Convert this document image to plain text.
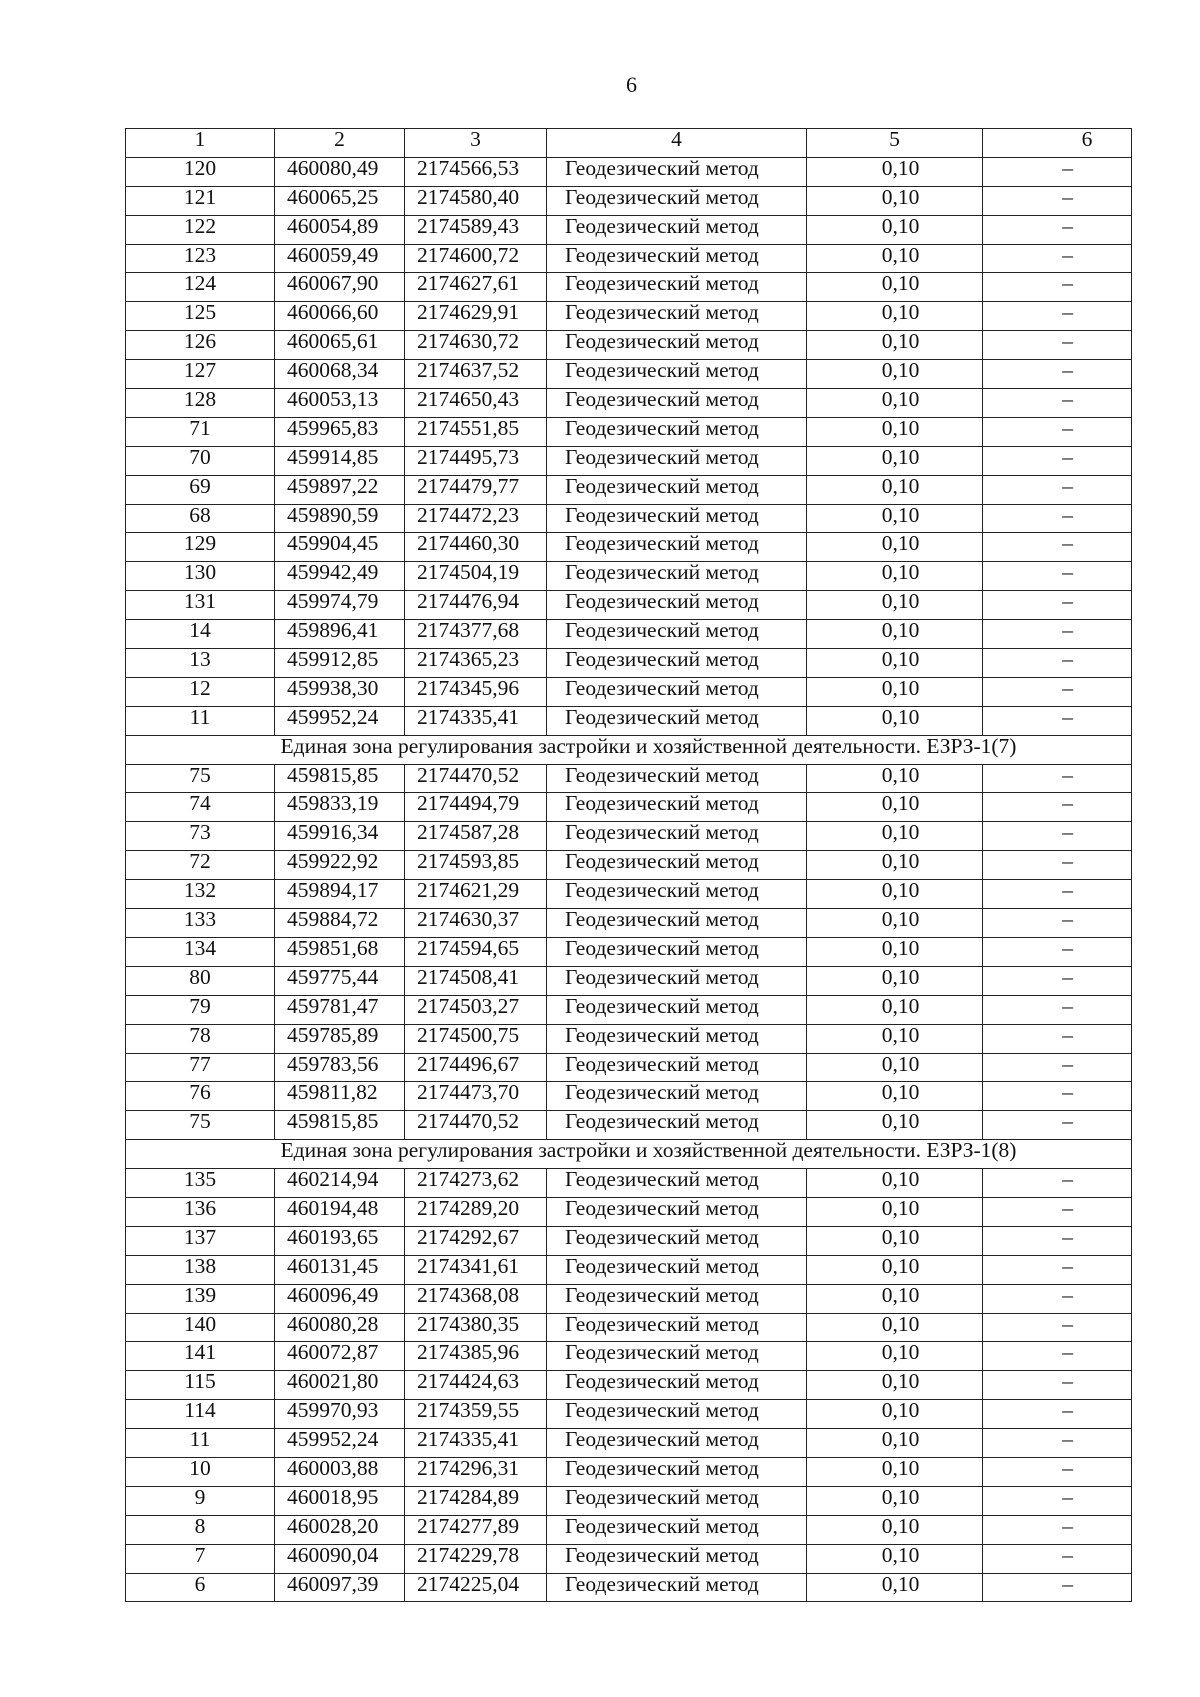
6
1	2	3	4	5	6
120	460080,49	2174566,53	Геодезический метод	0,10	–
121	460065,25	2174580,40	Геодезический метод	0,10	–
122	460054,89	2174589,43	Геодезический метод	0,10	–
123	460059,49	2174600,72	Геодезический метод	0,10	–
124	460067,90	2174627,61	Геодезический метод	0,10	–
125	460066,60	2174629,91	Геодезический метод	0,10	–
126	460065,61	2174630,72	Геодезический метод	0,10	–
127	460068,34	2174637,52	Геодезический метод	0,10	–
128	460053,13	2174650,43	Геодезический метод	0,10	–
71	459965,83	2174551,85	Геодезический метод	0,10	–
70	459914,85	2174495,73	Геодезический метод	0,10	–
69	459897,22	2174479,77	Геодезический метод	0,10	–
68	459890,59	2174472,23	Геодезический метод	0,10	–
129	459904,45	2174460,30	Геодезический метод	0,10	–
130	459942,49	2174504,19	Геодезический метод	0,10	–
131	459974,79	2174476,94	Геодезический метод	0,10	–
14	459896,41	2174377,68	Геодезический метод	0,10	–
13	459912,85	2174365,23	Геодезический метод	0,10	–
12	459938,30	2174345,96	Геодезический метод	0,10	–
11	459952,24	2174335,41	Геодезический метод	0,10	–
Единая зона регулирования застройки и хозяйственной деятельности. ЕЗРЗ-1(7)					
75	459815,85	2174470,52	Геодезический метод	0,10	–
74	459833,19	2174494,79	Геодезический метод	0,10	–
73	459916,34	2174587,28	Геодезический метод	0,10	–
72	459922,92	2174593,85	Геодезический метод	0,10	–
132	459894,17	2174621,29	Геодезический метод	0,10	–
133	459884,72	2174630,37	Геодезический метод	0,10	–
134	459851,68	2174594,65	Геодезический метод	0,10	–
80	459775,44	2174508,41	Геодезический метод	0,10	–
79	459781,47	2174503,27	Геодезический метод	0,10	–
78	459785,89	2174500,75	Геодезический метод	0,10	–
77	459783,56	2174496,67	Геодезический метод	0,10	–
76	459811,82	2174473,70	Геодезический метод	0,10	–
75	459815,85	2174470,52	Геодезический метод	0,10	–
Единая зона регулирования застройки и хозяйственной деятельности. ЕЗРЗ-1(8)					
135	460214,94	2174273,62	Геодезический метод	0,10	–
136	460194,48	2174289,20	Геодезический метод	0,10	–
137	460193,65	2174292,67	Геодезический метод	0,10	–
138	460131,45	2174341,61	Геодезический метод	0,10	–
139	460096,49	2174368,08	Геодезический метод	0,10	–
140	460080,28	2174380,35	Геодезический метод	0,10	–
141	460072,87	2174385,96	Геодезический метод	0,10	–
115	460021,80	2174424,63	Геодезический метод	0,10	–
114	459970,93	2174359,55	Геодезический метод	0,10	–
11	459952,24	2174335,41	Геодезический метод	0,10	–
10	460003,88	2174296,31	Геодезический метод	0,10	–
9	460018,95	2174284,89	Геодезический метод	0,10	–
8	460028,20	2174277,89	Геодезический метод	0,10	–
7	460090,04	2174229,78	Геодезический метод	0,10	–
6	460097,39	2174225,04	Геодезический метод	0,10	–
